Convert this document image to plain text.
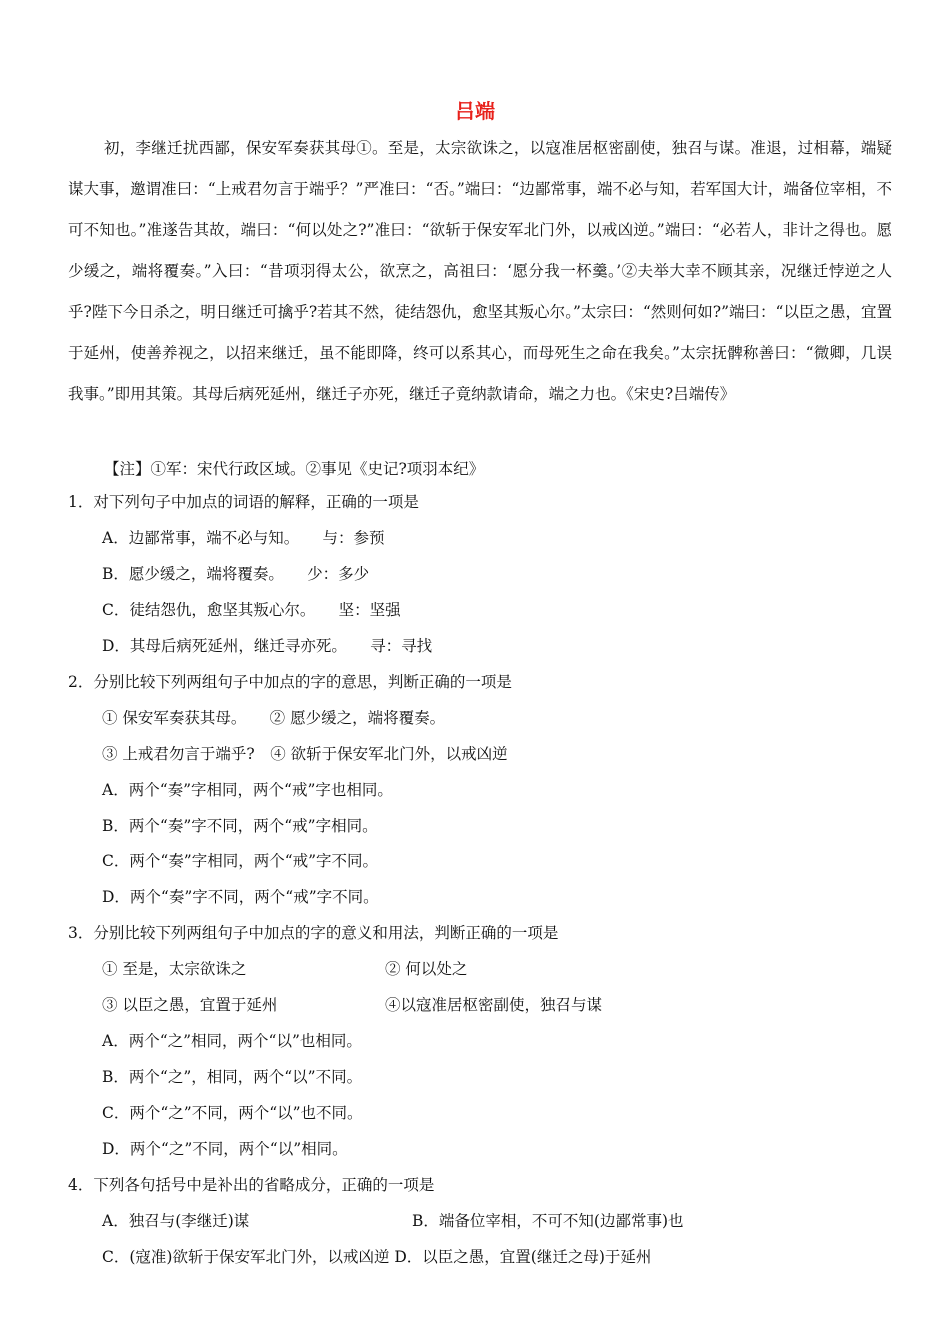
吕端

初，李继迁扰西鄙，保安军奏获其母①。至是，太宗欲诛之，以寇准居枢密副使，独召与谋。准退，过相幕，端疑谋大事，邀谓准曰：“上戒君勿言于端乎？”严准曰：“否。”端曰：“边鄙常事，端不必与知，若军国大计，端备位宰相，不可不知也。”准遂告其故，端曰：“何以处之?”准曰：“欲斩于保安军北门外，以戒凶逆。”端曰：“必若人，非计之得也。愿少缓之，端将覆奏。”入曰：“昔项羽得太公，欲烹之，高祖曰：‘愿分我一杯羹。’②夫举大幸不顾其亲，况继迁悖逆之人乎?陛下今日杀之，明日继迁可擒乎?若其不然，徒结怨仇，愈坚其叛心尔。”太宗曰：“然则何如?”端曰：“以臣之愚，宜置于延州，使善养视之，以招来继迁，虽不能即降，终可以系其心，而母死生之命在我矣。”太宗抚髀称善曰：“微卿，几误我事。”即用其策。其母后病死延州，继迁子亦死，继迁子竟纳款请命，端之力也。《宋史?吕端传》

【注】①军：宋代行政区域。②事见《史记?项羽本纪》
1．对下列句子中加点的词语的解释，正确的一项是
A．边鄙常事，端不必与知。　　与：参预
B．愿少缓之，端将覆奏。　　少：多少
C．徒结怨仇，愈坚其叛心尔。　　坚：坚强
D．其母后病死延州，继迁寻亦死。　　寻：寻找
2．分别比较下列两组句子中加点的字的意思，判断正确的一项是
① 保安军奏获其母。　　② 愿少缓之，端将覆奏。
③ 上戒君勿言于端乎?　④ 欲斩于保安军北门外，以戒凶逆
A．两个“奏”字相同，两个“戒”字也相同。
B．两个“奏”字不同，两个“戒”字相同。
C．两个“奏”字相同，两个“戒”字不同。
D．两个“奏”字不同，两个“戒”字不同。
3．分别比较下列两组句子中加点的字的意义和用法，判断正确的一项是
① 至是，太宗欲诛之	② 何以处之
③ 以臣之愚，宜置于延州	④以寇准居枢密副使，独召与谋
A．两个“之”相同，两个“以”也相同。
B．两个“之”，相同，两个“以”不同。
C．两个“之”不同，两个“以”也不同。
D．两个“之”不同，两个“以”相同。
4．下列各句括号中是补出的省略成分，正确的一项是
A．独召与(李继迁)谋	B．端备位宰相，不可不知(边鄙常事)也
C．(寇准)欲斩于保安军北门外，以戒凶逆 D．以臣之愚，宜置(继迁之母)于延州
